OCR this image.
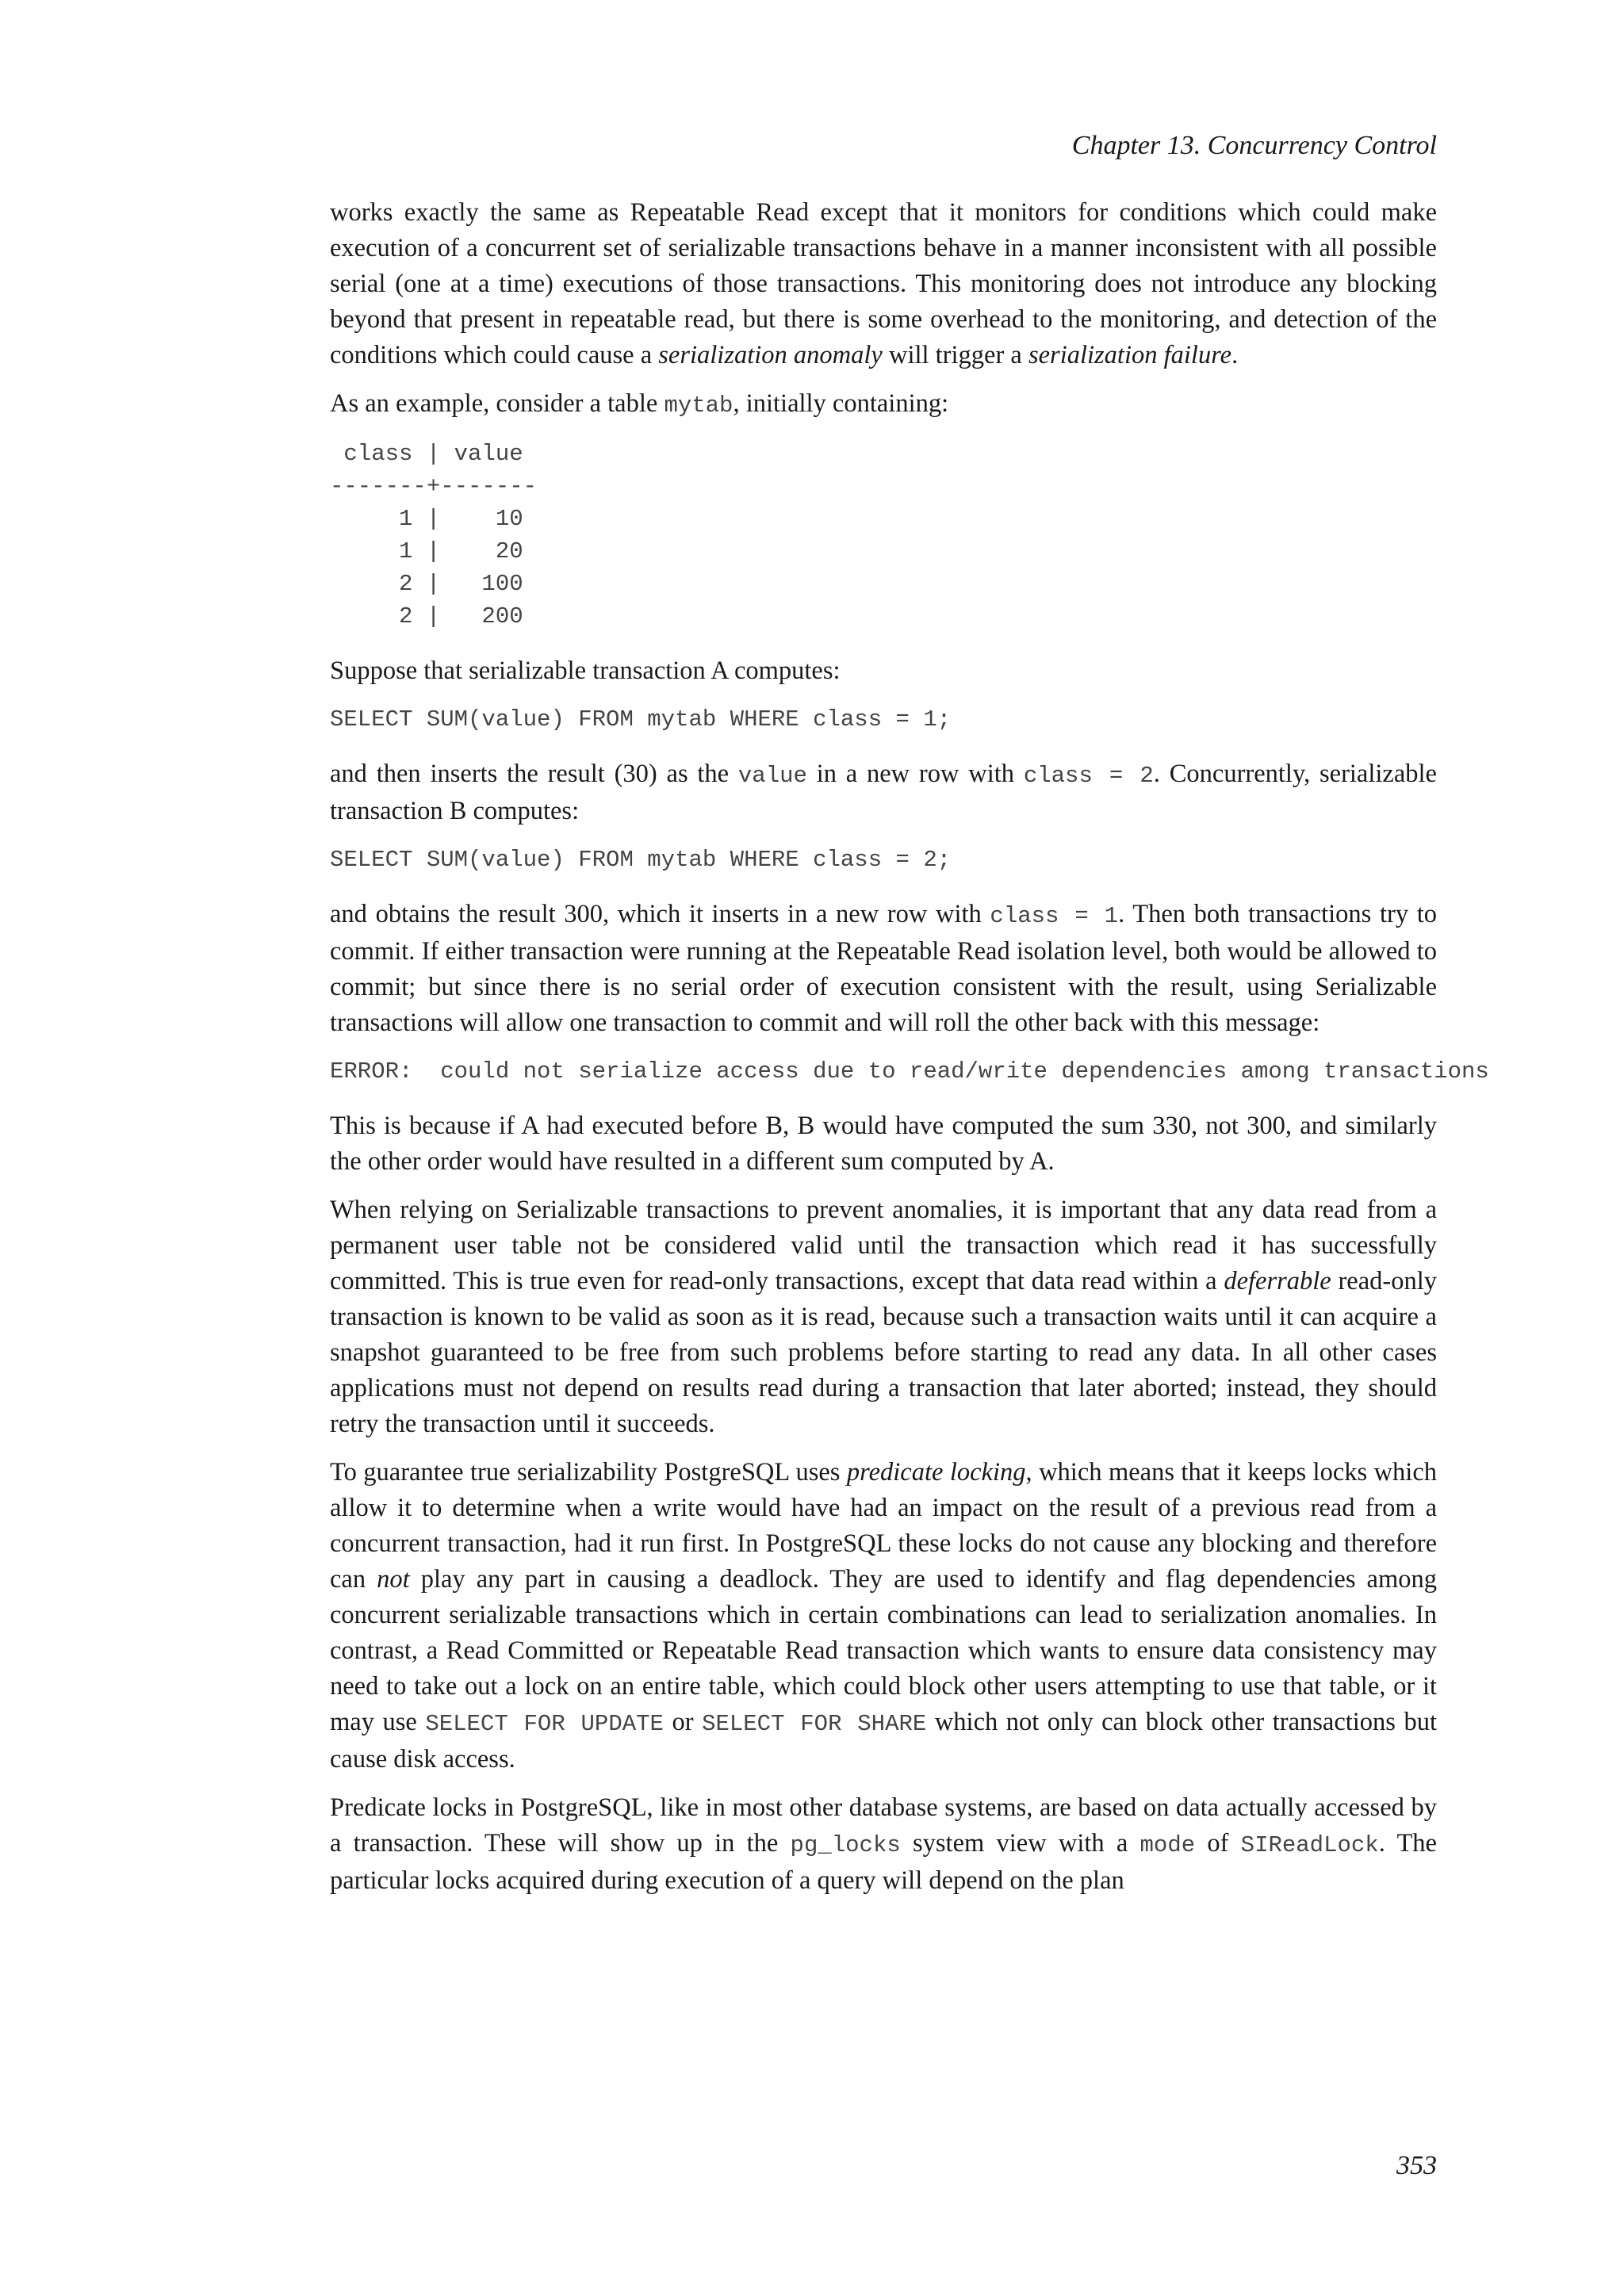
Chapter 13. Concurrency Control

works exactly the same as Repeatable Read except that it monitors for conditions which could make execution of a concurrent set of serializable transactions behave in a manner inconsistent with all possible serial (one at a time) executions of those transactions. This monitoring does not introduce any blocking beyond that present in repeatable read, but there is some overhead to the monitoring, and detection of the conditions which could cause a serialization anomaly will trigger a serialization failure.

As an example, consider a table mytab, initially containing:

class | value
-------+-------
1 |    10
1 |    20
2 |   100
2 |   200

Suppose that serializable transaction A computes:

SELECT SUM(value) FROM mytab WHERE class = 1;

and then inserts the result (30) as the value in a new row with class = 2. Concurrently, serializable transaction B computes:

SELECT SUM(value) FROM mytab WHERE class = 2;

and obtains the result 300, which it inserts in a new row with class = 1. Then both transactions try to commit. If either transaction were running at the Repeatable Read isolation level, both would be allowed to commit; but since there is no serial order of execution consistent with the result, using Serializable transactions will allow one transaction to commit and will roll the other back with this message:

ERROR:  could not serialize access due to read/write dependencies among transactions

This is because if A had executed before B, B would have computed the sum 330, not 300, and similarly the other order would have resulted in a different sum computed by A.

When relying on Serializable transactions to prevent anomalies, it is important that any data read from a permanent user table not be considered valid until the transaction which read it has successfully committed. This is true even for read-only transactions, except that data read within a deferrable read-only transaction is known to be valid as soon as it is read, because such a transaction waits until it can acquire a snapshot guaranteed to be free from such problems before starting to read any data. In all other cases applications must not depend on results read during a transaction that later aborted; instead, they should retry the transaction until it succeeds.

To guarantee true serializability PostgreSQL uses predicate locking, which means that it keeps locks which allow it to determine when a write would have had an impact on the result of a previous read from a concurrent transaction, had it run first. In PostgreSQL these locks do not cause any blocking and therefore can not play any part in causing a deadlock. They are used to identify and flag dependencies among concurrent serializable transactions which in certain combinations can lead to serialization anomalies. In contrast, a Read Committed or Repeatable Read transaction which wants to ensure data consistency may need to take out a lock on an entire table, which could block other users attempting to use that table, or it may use SELECT FOR UPDATE or SELECT FOR SHARE which not only can block other transactions but cause disk access.

Predicate locks in PostgreSQL, like in most other database systems, are based on data actually accessed by a transaction. These will show up in the pg_locks system view with a mode of SIReadLock. The particular locks acquired during execution of a query will depend on the plan

353
